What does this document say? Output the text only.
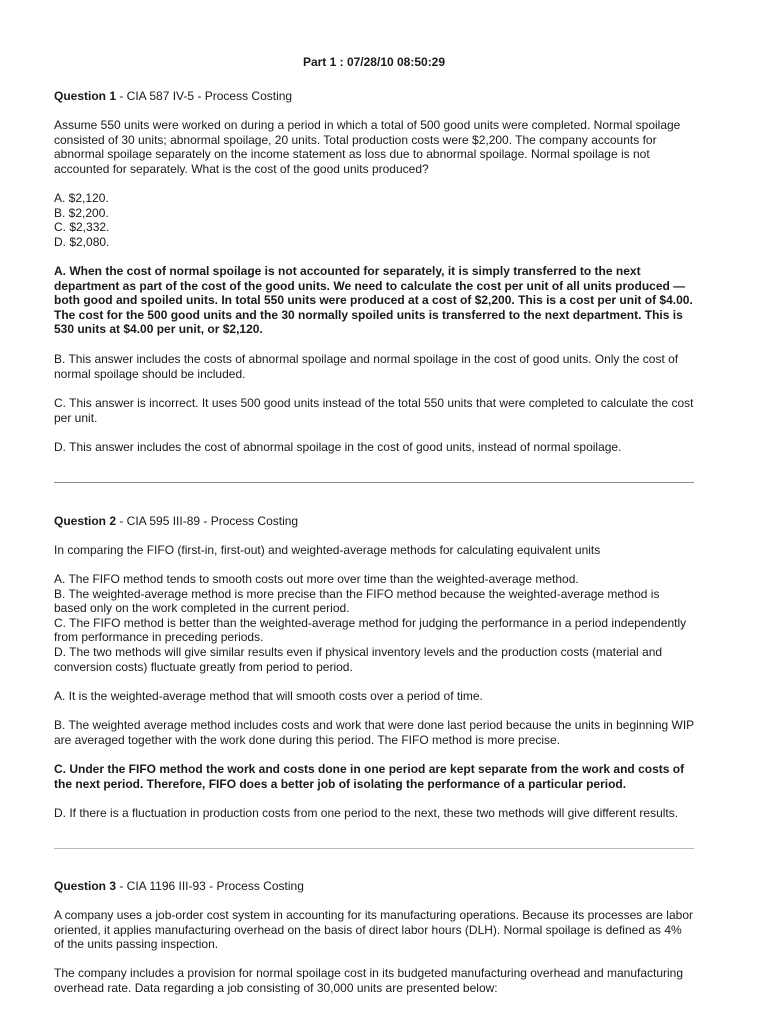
Part 1 : 07/28/10 08:50:29
Question 1 - CIA 587 IV-5 - Process Costing
Assume 550 units were worked on during a period in which a total of 500 good units were completed. Normal spoilage consisted of 30 units; abnormal spoilage, 20 units. Total production costs were $2,200. The company accounts for abnormal spoilage separately on the income statement as loss due to abnormal spoilage. Normal spoilage is not accounted for separately. What is the cost of the good units produced?
A. $2,120.
B. $2,200.
C. $2,332.
D. $2,080.
A. When the cost of normal spoilage is not accounted for separately, it is simply transferred to the next department as part of the cost of the good units. We need to calculate the cost per unit of all units produced — both good and spoiled units. In total 550 units were produced at a cost of $2,200. This is a cost per unit of $4.00. The cost for the 500 good units and the 30 normally spoiled units is transferred to the next department. This is 530 units at $4.00 per unit, or $2,120.
B. This answer includes the costs of abnormal spoilage and normal spoilage in the cost of good units. Only the cost of normal spoilage should be included.
C. This answer is incorrect. It uses 500 good units instead of the total 550 units that were completed to calculate the cost per unit.
D. This answer includes the cost of abnormal spoilage in the cost of good units, instead of normal spoilage.
Question 2 - CIA 595 III-89 - Process Costing
In comparing the FIFO (first-in, first-out) and weighted-average methods for calculating equivalent units
A. The FIFO method tends to smooth costs out more over time than the weighted-average method.
B. The weighted-average method is more precise than the FIFO method because the weighted-average method is based only on the work completed in the current period.
C. The FIFO method is better than the weighted-average method for judging the performance in a period independently from performance in preceding periods.
D. The two methods will give similar results even if physical inventory levels and the production costs (material and conversion costs) fluctuate greatly from period to period.
A. It is the weighted-average method that will smooth costs over a period of time.
B. The weighted average method includes costs and work that were done last period because the units in beginning WIP are averaged together with the work done during this period. The FIFO method is more precise.
C. Under the FIFO method the work and costs done in one period are kept separate from the work and costs of the next period. Therefore, FIFO does a better job of isolating the performance of a particular period.
D. If there is a fluctuation in production costs from one period to the next, these two methods will give different results.
Question 3 - CIA 1196 III-93 - Process Costing
A company uses a job-order cost system in accounting for its manufacturing operations. Because its processes are labor oriented, it applies manufacturing overhead on the basis of direct labor hours (DLH). Normal spoilage is defined as 4% of the units passing inspection.
The company includes a provision for normal spoilage cost in its budgeted manufacturing overhead and manufacturing overhead rate. Data regarding a job consisting of 30,000 units are presented below:
